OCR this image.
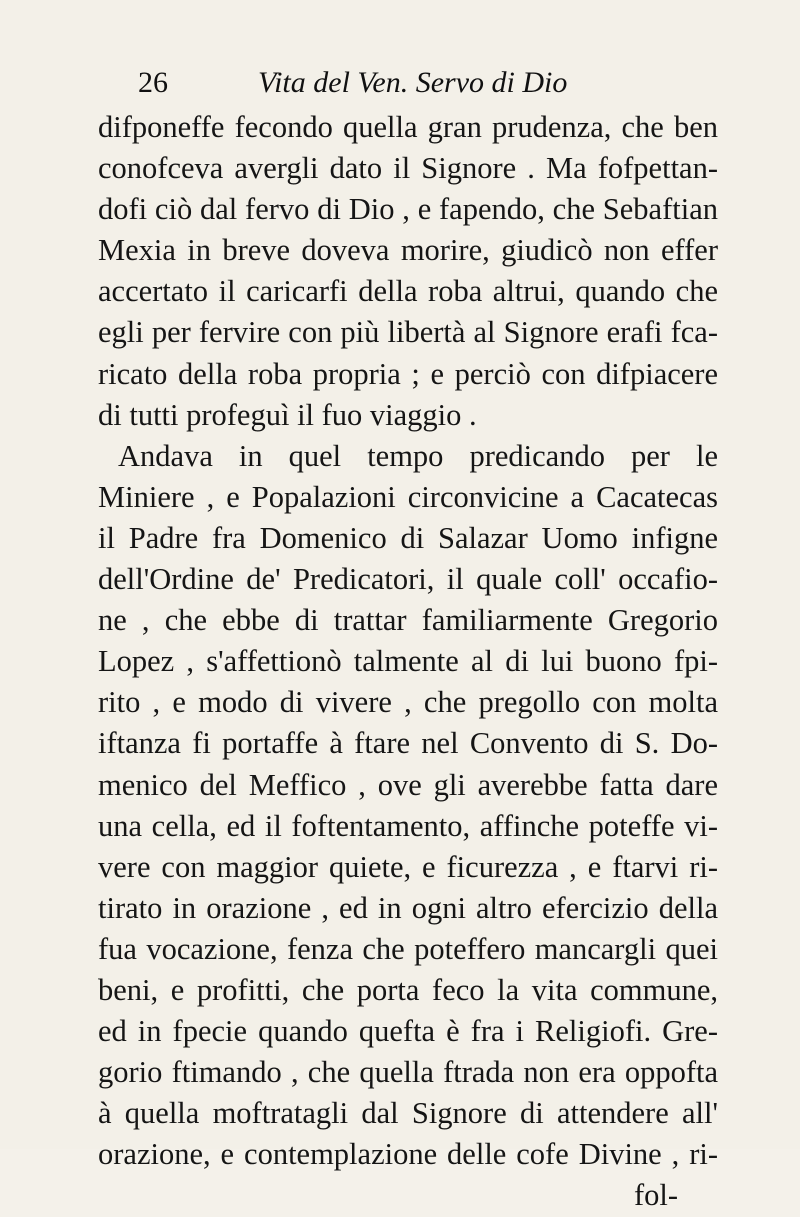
26	Vita del Ven. Servo di Dio
difponeffe fecondo quella gran prudenza, che ben
conofceva avergli dato il Signore . Ma fofpettan-
dofi ciò dal fervo di Dio , e fapendo, che Sebaftian
Mexia in breve doveva morire, giudicò non effer
accertato il caricarfi della roba altrui, quando che
egli per fervire con più libertà al Signore erafi fca-
ricato della roba propria ; e perciò con difpiacere
di tutti profeguì il fuo viaggio .
Andava in quel tempo predicando per le
Miniere , e Popalazioni circonvicine a Cacatecas
il Padre fra Domenico di Salazar Uomo infigne
dell'Ordine de' Predicatori, il quale coll' occafio-
ne , che ebbe di trattar familiarmente Gregorio
Lopez , s'affettionò talmente al di lui buono fpi-
rito , e modo di vivere , che pregollo con molta
iftanza fi portaffe à ftare nel Convento di S. Do-
menico del Meffico , ove gli averebbe fatta dare
una cella, ed il foftentamento, affinche poteffe vi-
vere con maggior quiete, e ficurezza , e ftarvi ri-
tirato in orazione , ed in ogni altro efercizio della
fua vocazione, fenza che poteffero mancargli quei
beni, e profitti, che porta feco la vita commune,
ed in fpecie quando quefta è fra i Religiofi. Gre-
gorio ftimando , che quella ftrada non era oppofta
à quella moftratagli dal Signore di attendere all'
orazione, e contemplazione delle cofe Divine , ri-
fol-
